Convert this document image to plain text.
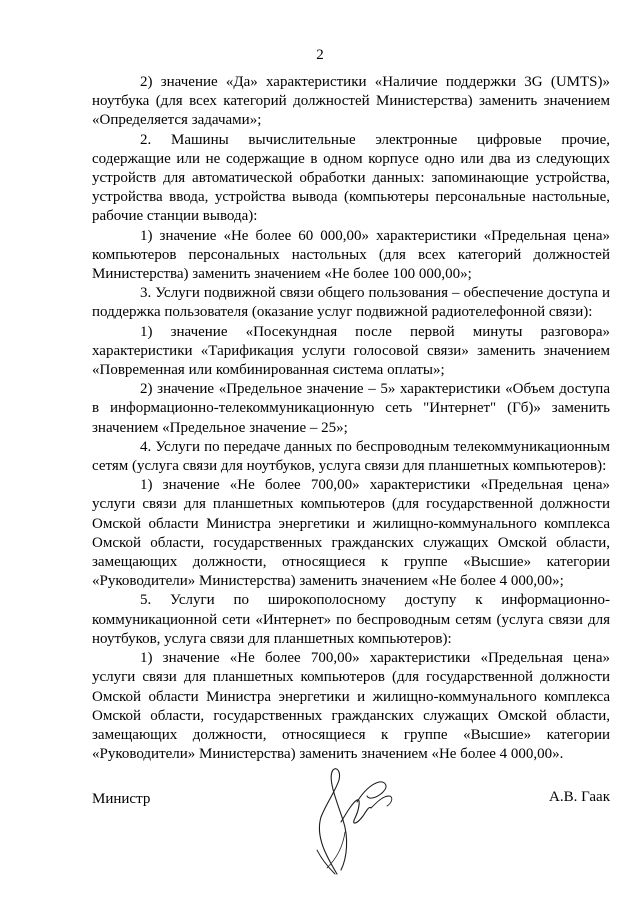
2

2) значение «Да» характеристики «Наличие поддержки 3G (UMTS)» ноутбука (для всех категорий должностей Министерства) заменить значением «Определяется задачами»;

2. Машины вычислительные электронные цифровые прочие, содержащие или не содержащие в одном корпусе одно или два из следующих устройств для автоматической обработки данных: запоминающие устройства, устройства ввода, устройства вывода (компьютеры персональные настольные, рабочие станции вывода):

1) значение «Не более 60 000,00» характеристики «Предельная цена» компьютеров персональных настольных (для всех категорий должностей Министерства) заменить значением «Не более 100 000,00»;

3. Услуги подвижной связи общего пользования – обеспечение доступа и поддержка пользователя (оказание услуг подвижной радиотелефонной связи):

1) значение «Посекундная после первой минуты разговора» характеристики «Тарификация услуги голосовой связи» заменить значением «Повременная или комбинированная система оплаты»;

2) значение «Предельное значение – 5» характеристики «Объем доступа в информационно-телекоммуникационную сеть "Интернет" (Гб)» заменить значением «Предельное значение – 25»;

4. Услуги по передаче данных по беспроводным телекоммуникационным сетям (услуга связи для ноутбуков, услуга связи для планшетных компьютеров):

1) значение «Не более 700,00» характеристики «Предельная цена» услуги связи для планшетных компьютеров (для государственной должности Омской области Министра энергетики и жилищно-коммунального комплекса Омской области, государственных гражданских служащих Омской области, замещающих должности, относящиеся к группе «Высшие» категории «Руководители» Министерства) заменить значением «Не более 4 000,00»;

5. Услуги по широкополосному доступу к информационно-коммуникационной сети «Интернет» по беспроводным сетям (услуга связи для ноутбуков, услуга связи для планшетных компьютеров):

1) значение «Не более 700,00» характеристики «Предельная цена» услуги связи для планшетных компьютеров (для государственной должности Омской области Министра энергетики и жилищно-коммунального комплекса Омской области, государственных гражданских служащих Омской области, замещающих должности, относящиеся к группе «Высшие» категории «Руководители» Министерства) заменить значением «Не более 4 000,00».

Министр	А.В. Гаак
